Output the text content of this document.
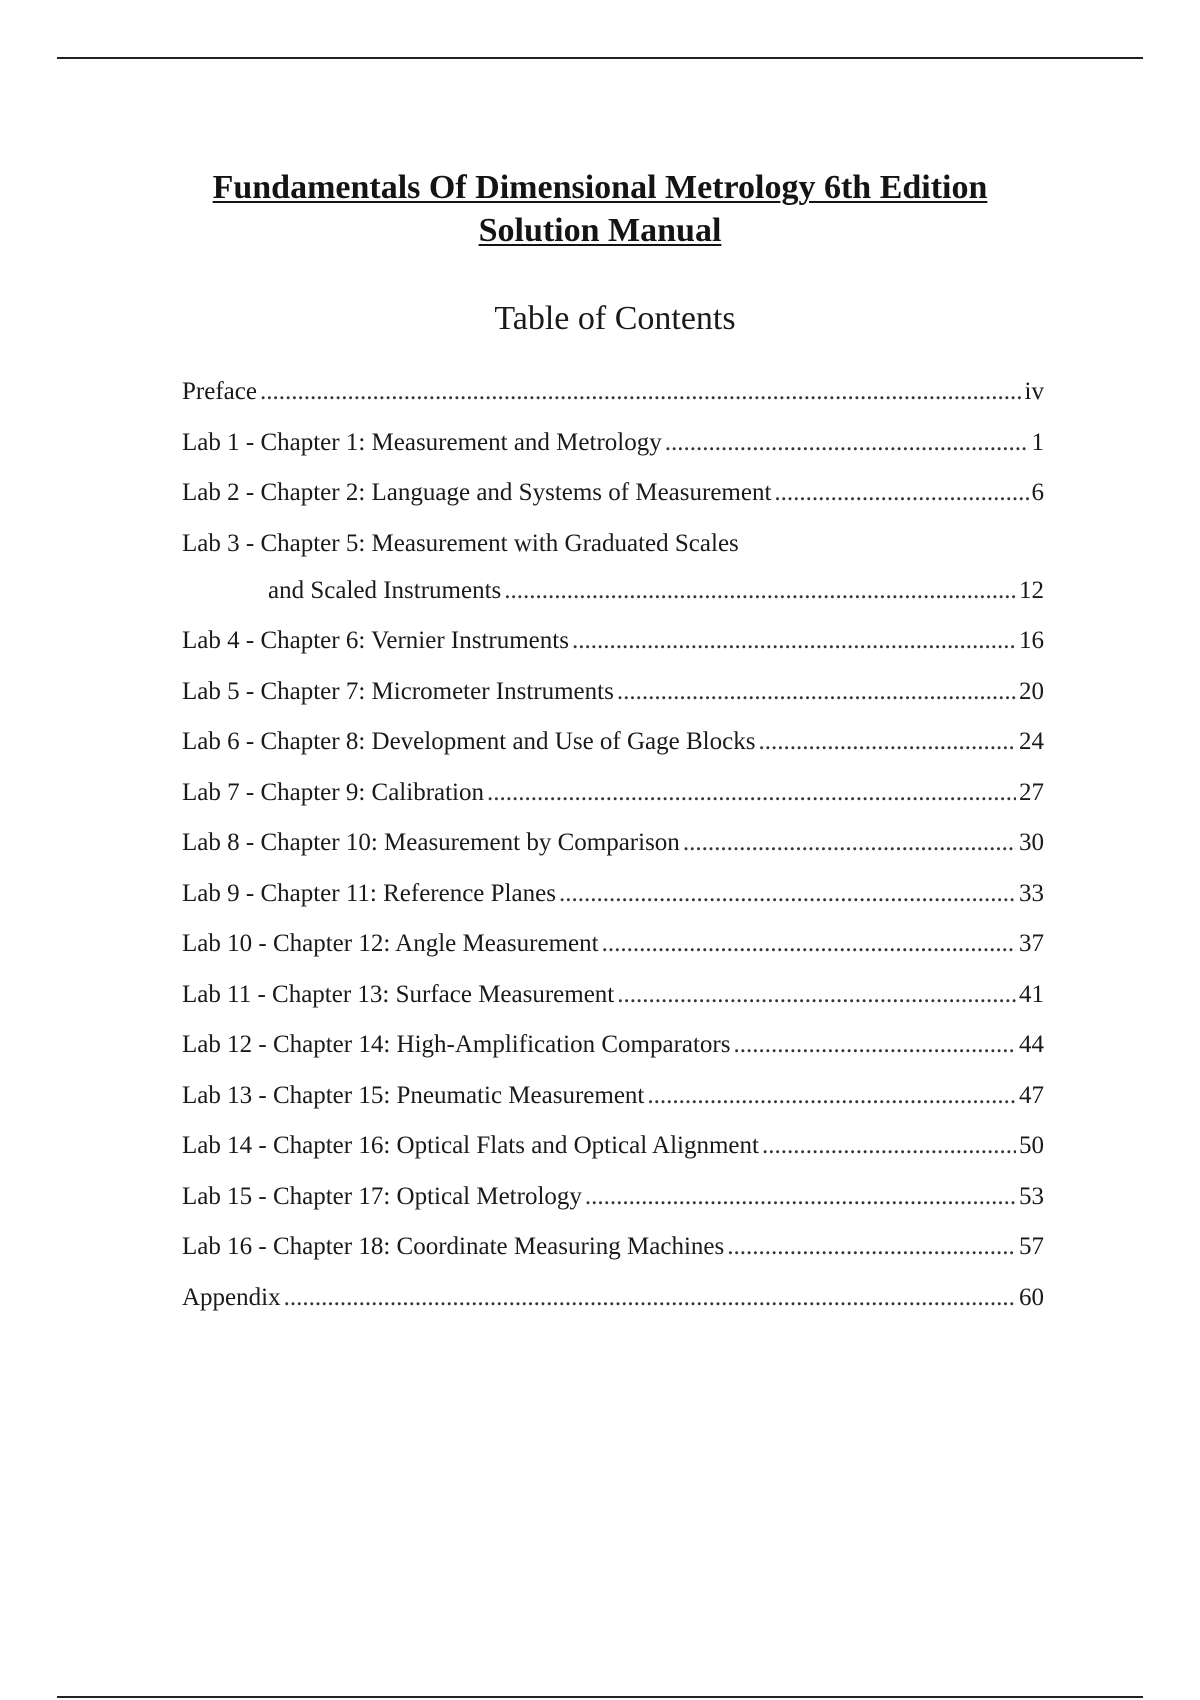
Fundamentals Of Dimensional Metrology 6th Edition
Solution Manual
Table of Contents
Preface .....	iv
Lab 1 - Chapter 1: Measurement and Metrology .....	1
Lab 2 - Chapter 2: Language and Systems of Measurement .....	6
Lab 3 - Chapter 5: Measurement with Graduated Scales
and Scaled Instruments .....	12
Lab 4 - Chapter 6: Vernier Instruments .....	16
Lab 5 - Chapter 7: Micrometer Instruments .....	20
Lab 6 - Chapter 8: Development and Use of Gage Blocks .....	24
Lab 7 - Chapter 9: Calibration .....	27
Lab 8 - Chapter 10: Measurement by Comparison .....	30
Lab 9 - Chapter 11: Reference Planes .....	33
Lab 10 - Chapter 12: Angle Measurement .....	37
Lab 11 - Chapter 13: Surface Measurement .....	41
Lab 12 - Chapter 14: High-Amplification Comparators .....	44
Lab 13 - Chapter 15: Pneumatic Measurement .....	47
Lab 14 - Chapter 16: Optical Flats and Optical Alignment .....	50
Lab 15 - Chapter 17: Optical Metrology .....	53
Lab 16 - Chapter 18: Coordinate Measuring Machines .....	57
Appendix .....	60
